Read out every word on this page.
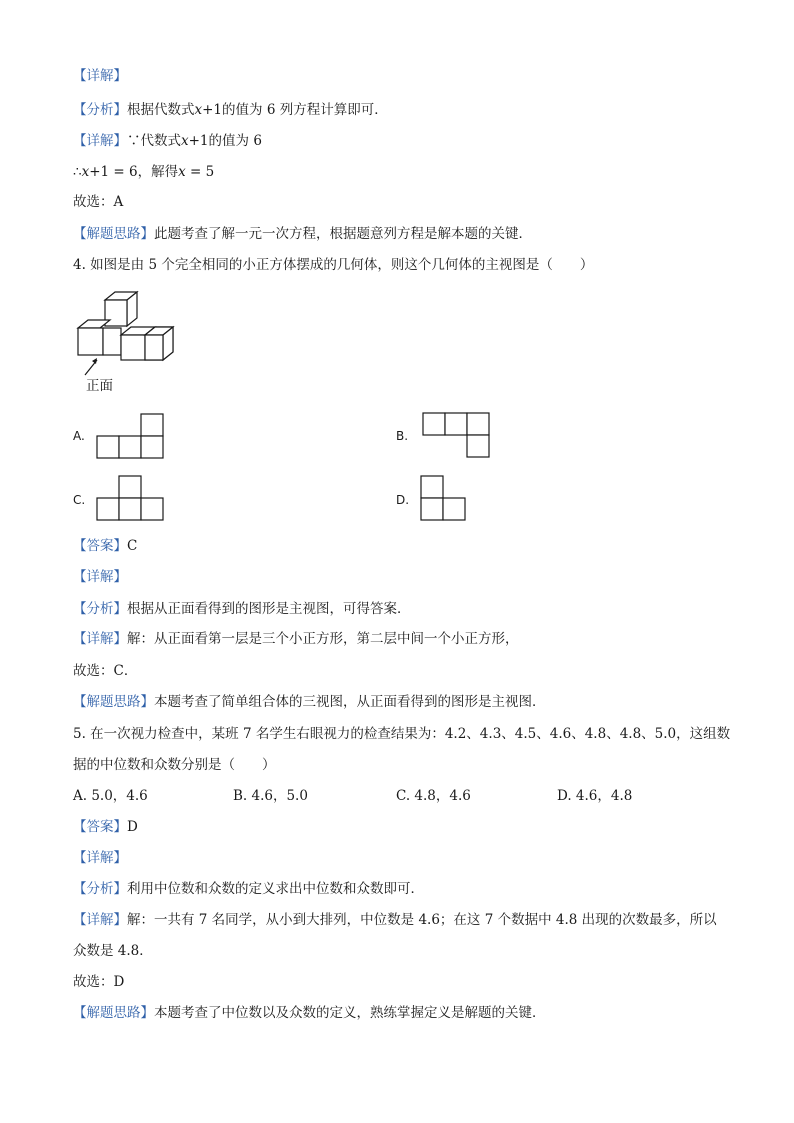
【详解】
【分析】根据代数式x+1的值为 6 列方程计算即可．
【详解】∵代数式x+1的值为 6
∴x+1 = 6，解得x = 5
故选：A
【解题思路】此题考查了解一元一次方程，根据题意列方程是解本题的关键．
4. 如图是由 5 个完全相同的小正方体摆成的几何体，则这个几何体的主视图是（　　）
正面
A.	B.
C.	D.
【答案】C
【详解】
【分析】根据从正面看得到的图形是主视图，可得答案．
【详解】解：从正面看第一层是三个小正方形，第二层中间一个小正方形，
故选：C．
【解题思路】本题考查了简单组合体的三视图，从正面看得到的图形是主视图．
5. 在一次视力检查中，某班 7 名学生右眼视力的检查结果为：4.2、4.3、4.5、4.6、4.8、4.8、5.0，这组数
据的中位数和众数分别是（　　）
A. 5.0，4.6	B. 4.6，5.0	C. 4.8，4.6	D. 4.6，4.8
【答案】D
【详解】
【分析】利用中位数和众数的定义求出中位数和众数即可．
【详解】解：一共有 7 名同学，从小到大排列，中位数是 4.6；在这 7 个数据中 4.8 出现的次数最多，所以
众数是 4.8．
故选：D
【解题思路】本题考查了中位数以及众数的定义，熟练掌握定义是解题的关键．
